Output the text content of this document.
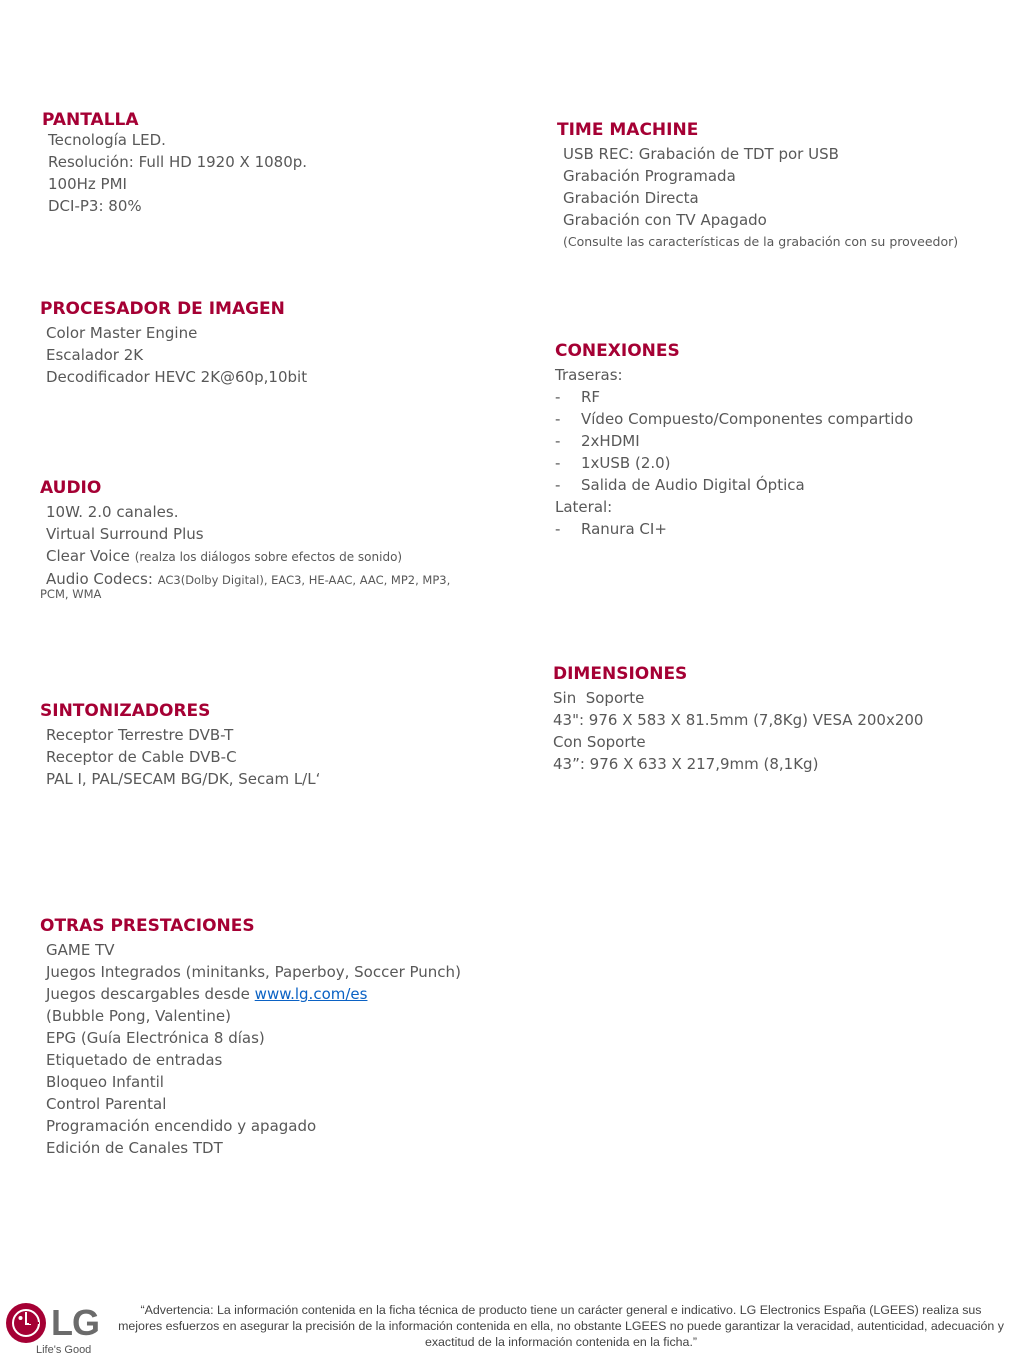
PANTALLA
Tecnología LED.
Resolución: Full HD 1920 X 1080p.
100Hz PMI
DCI-P3: 80%
TIME MACHINE
USB REC: Grabación de TDT por USB
Grabación Programada
Grabación Directa
Grabación con TV Apagado
(Consulte las características de la grabación con su proveedor)
PROCESADOR DE IMAGEN
Color Master Engine
Escalador 2K
Decodificador HEVC 2K@60p,10bit
CONEXIONES
Traseras:
- RF
- Vídeo Compuesto/Componentes compartido
- 2xHDMI
- 1xUSB (2.0)
- Salida de Audio Digital Óptica
Lateral:
- Ranura CI+
AUDIO
10W. 2.0 canales.
Virtual Surround Plus
Clear Voice (realza los diálogos sobre efectos de sonido)
Audio Codecs: AC3(Dolby Digital), EAC3, HE-AAC, AAC, MP2, MP3,
PCM, WMA
SINTONIZADORES
Receptor Terrestre DVB-T
Receptor de Cable DVB-C
PAL I, PAL/SECAM BG/DK, Secam L/L‘
DIMENSIONES
Sin  Soporte
43": 976 X 583 X 81.5mm (7,8Kg) VESA 200x200
Con Soporte
43”: 976 X 633 X 217,9mm (8,1Kg)
OTRAS PRESTACIONES
GAME TV
Juegos Integrados (minitanks, Paperboy, Soccer Punch)
Juegos descargables desde www.lg.com/es
(Bubble Pong, Valentine)
EPG (Guía Electrónica 8 días)
Etiquetado de entradas
Bloqueo Infantil
Control Parental
Programación encendido y apagado
Edición de Canales TDT
LG
Life's Good
“Advertencia: La información contenida en la ficha técnica de producto tiene un carácter general e indicativo. LG Electronics España (LGEES) realiza sus mejores esfuerzos en asegurar la precisión de la información contenida en ella, no obstante LGEES no puede garantizar la veracidad, autenticidad, adecuación y exactitud de la información contenida en la ficha.”
